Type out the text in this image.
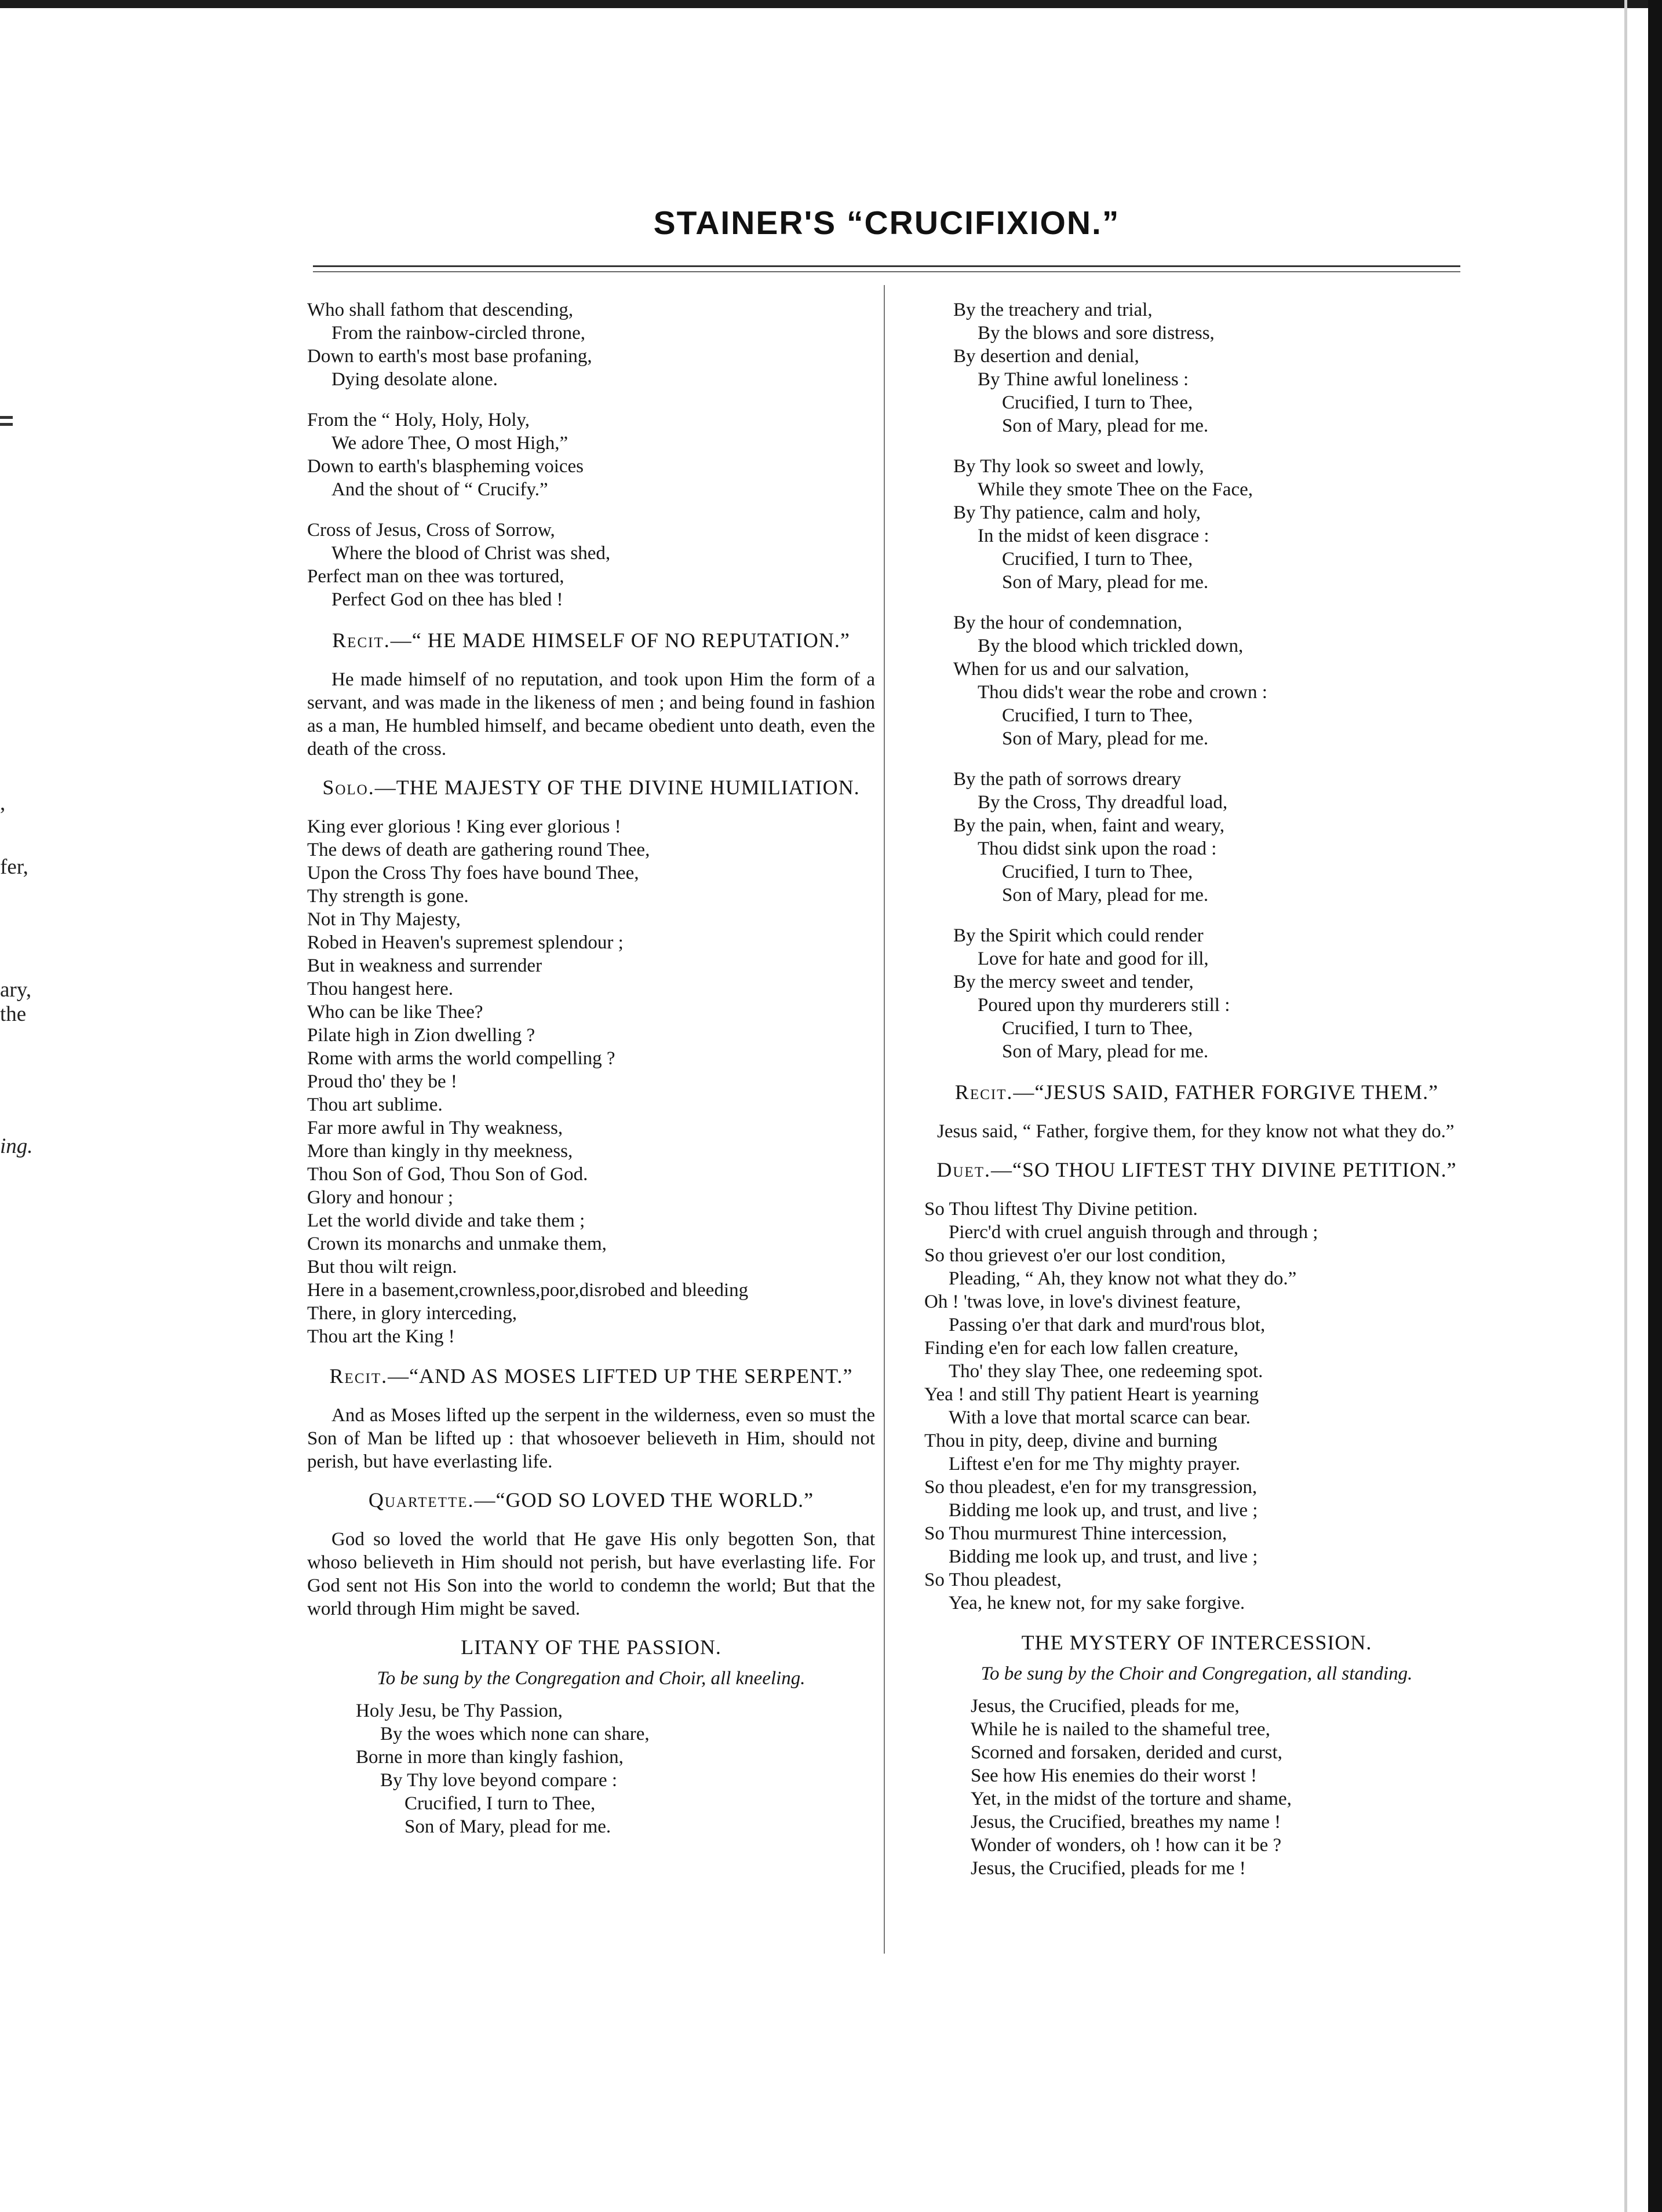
,
fer,
ary,
the
ing.
STAINER'S “CRUCIFIXION.”
Who shall fathom that descending,
From the rainbow-circled throne,
Down to earth's most base profaning,
Dying desolate alone.
From the “ Holy, Holy, Holy,
We adore Thee, O most High,”
Down to earth's blaspheming voices
And the shout of “ Crucify.”
Cross of Jesus, Cross of Sorrow,
Where the blood of Christ was shed,
Perfect man on thee was tortured,
Perfect God on thee has bled !
Recit.—“ HE MADE HIMSELF OF NO REPUTATION.”
He made himself of no reputation, and took upon Him the form of a servant, and was made in the likeness of men ; and being found in fashion as a man, He humbled himself, and became obedient unto death, even the death of the cross.
Solo.—THE MAJESTY OF THE DIVINE HUMILIATION.
King ever glorious ! King ever glorious !
The dews of death are gathering round Thee,
Upon the Cross Thy foes have bound Thee,
Thy strength is gone.
Not in Thy Majesty,
Robed in Heaven's supremest splendour ;
But in weakness and surrender
Thou hangest here.
Who can be like Thee?
Pilate high in Zion dwelling ?
Rome with arms the world compelling ?
Proud tho' they be !
Thou art sublime.
Far more awful in Thy weakness,
More than kingly in thy meekness,
Thou Son of God, Thou Son of God.
Glory and honour ;
Let the world divide and take them ;
Crown its monarchs and unmake them,
But thou wilt reign.
Here in a basement,crownless,poor,disrobed and bleeding
There, in glory interceding,
Thou art the King !
Recit.—“AND AS MOSES LIFTED UP THE SERPENT.”
And as Moses lifted up the serpent in the wilderness, even so must the Son of Man be lifted up : that whosoever believeth in Him, should not perish, but have everlasting life.
Quartette.—“GOD SO LOVED THE WORLD.”
God so loved the world that He gave His only begotten Son, that whoso believeth in Him should not perish, but have everlasting life. For God sent not His Son into the world to condemn the world; But that the world through Him might be saved.
LITANY OF THE PASSION.
To be sung by the Congregation and Choir, all kneeling.
Holy Jesu, be Thy Passion,
By the woes which none can share,
Borne in more than kingly fashion,
By Thy love beyond compare :
Crucified, I turn to Thee,
Son of Mary, plead for me.
By the treachery and trial,
By the blows and sore distress,
By desertion and denial,
By Thine awful loneliness :
Crucified, I turn to Thee,
Son of Mary, plead for me.
By Thy look so sweet and lowly,
While they smote Thee on the Face,
By Thy patience, calm and holy,
In the midst of keen disgrace :
Crucified, I turn to Thee,
Son of Mary, plead for me.
By the hour of condemnation,
By the blood which trickled down,
When for us and our salvation,
Thou dids't wear the robe and crown :
Crucified, I turn to Thee,
Son of Mary, plead for me.
By the path of sorrows dreary
By the Cross, Thy dreadful load,
By the pain, when, faint and weary,
Thou didst sink upon the road :
Crucified, I turn to Thee,
Son of Mary, plead for me.
By the Spirit which could render
Love for hate and good for ill,
By the mercy sweet and tender,
Poured upon thy murderers still :
Crucified, I turn to Thee,
Son of Mary, plead for me.
Recit.—“JESUS SAID, FATHER FORGIVE THEM.”
Jesus said, “ Father, forgive them, for they know not what they do.”
Duet.—“SO THOU LIFTEST THY DIVINE PETITION.”
So Thou liftest Thy Divine petition.
Pierc'd with cruel anguish through and through ;
So thou grievest o'er our lost condition,
Pleading, “ Ah, they know not what they do.”
Oh ! 'twas love, in love's divinest feature,
Passing o'er that dark and murd'rous blot,
Finding e'en for each low fallen creature,
Tho' they slay Thee, one redeeming spot.
Yea ! and still Thy patient Heart is yearning
With a love that mortal scarce can bear.
Thou in pity, deep, divine and burning
Liftest e'en for me Thy mighty prayer.
So thou pleadest, e'en for my transgression,
Bidding me look up, and trust, and live ;
So Thou murmurest Thine intercession,
Bidding me look up, and trust, and live ;
So Thou pleadest,
Yea, he knew not, for my sake forgive.
THE MYSTERY OF INTERCESSION.
To be sung by the Choir and Congregation, all standing.
Jesus, the Crucified, pleads for me,
While he is nailed to the shameful tree,
Scorned and forsaken, derided and curst,
See how His enemies do their worst !
Yet, in the midst of the torture and shame,
Jesus, the Crucified, breathes my name !
Wonder of wonders, oh ! how can it be ?
Jesus, the Crucified, pleads for me !
